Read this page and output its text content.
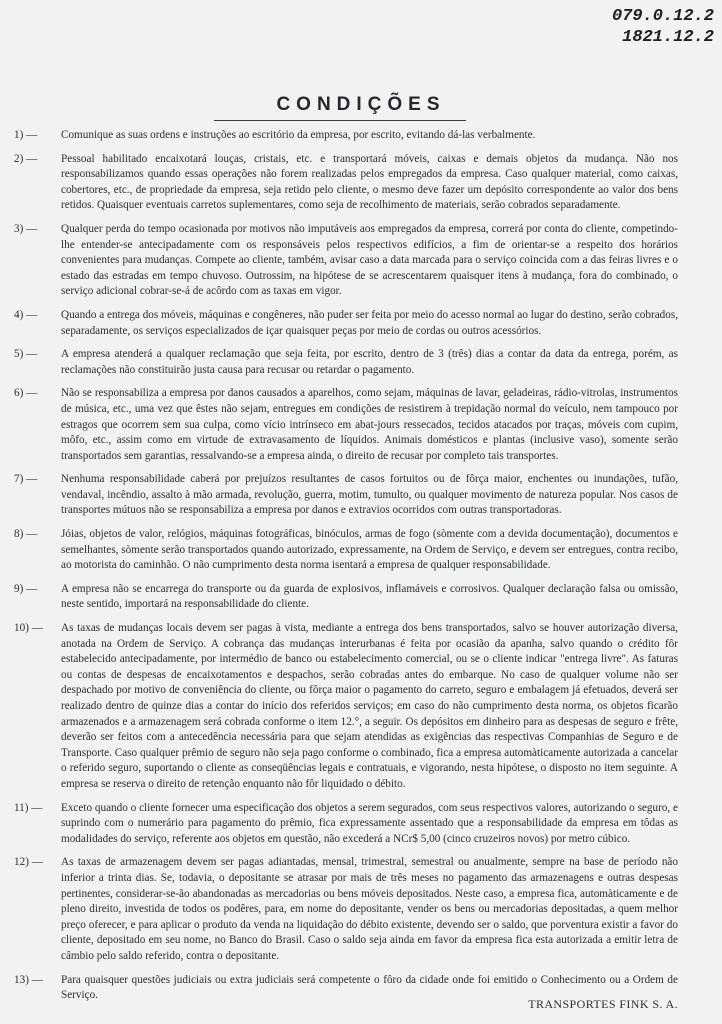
079.0.12.2
1821.12.2
CONDIÇÕES
1) — Comunique as suas ordens e instruções ao escritório da empresa, por escrito, evitando dá-las verbalmente.
2) — Pessoal habilitado encaixotará louças, cristais, etc. e transportará móveis, caixas e demais objetos da mudança. Não nos responsabilizamos quando essas operações não forem realizadas pelos empregados da empresa. Caso qualquer material, como caixas, cobertores, etc., de propriedade da empresa, seja retido pelo cliente, o mesmo deve fazer um depósito correspondente ao valor dos bens retidos. Quaisquer eventuais carretos suplementares, como seja de recolhimento de materiais, serão cobrados separadamente.
3) — Qualquer perda do tempo ocasionada por motivos não imputáveis aos empregados da empresa, correrá por conta do cliente, competindo-lhe entender-se antecipadamente com os responsáveis pelos respectivos edifícios, a fim de orientar-se a respeito dos horários convenientes para mudanças. Compete ao cliente, também, avisar caso a data marcada para o serviço coincida com a das feiras livres e o estado das estradas em tempo chuvoso. Outrossim, na hipótese de se acrescentarem quaisquer itens à mudança, fora do combinado, o serviço adicional cobrar-se-á de acôrdo com as taxas em vigor.
4) — Quando a entrega dos móveis, máquinas e congêneres, não puder ser feita por meio do acesso normal ao lugar do destino, serão cobrados, separadamente, os serviços especializados de içar quaisquer peças por meio de cordas ou outros acessórios.
5) — A empresa atenderá a qualquer reclamação que seja feita, por escrito, dentro de 3 (três) dias a contar da data da entrega, porém, as reclamações não constituirão justa causa para recusar ou retardar o pagamento.
6) — Não se responsabiliza a empresa por danos causados a aparelhos, como sejam, máquinas de lavar, geladeiras, rádio-vitrolas, instrumentos de música, etc., uma vez que êstes não sejam, entregues em condições de resistirem à trepidação normal do veículo, nem tampouco por estragos que ocorrem sem sua culpa, como vício intrínseco em abat-jours ressecados, tecidos atacados por traças, móveis com cupim, môfo, etc., assim como em virtude de extravasamento de líquidos. Animais domésticos e plantas (inclusive vaso), somente serão transportados sem garantias, ressalvando-se a empresa ainda, o direito de recusar por completo tais transportes.
7) — Nenhuma responsabilidade caberá por prejuízos resultantes de casos fortuitos ou de fôrça maior, enchentes ou inundações, tufão, vendaval, incêndio, assalto à mão armada, revolução, guerra, motim, tumulto, ou qualquer movimento de natureza popular. Nos casos de transportes mútuos não se responsabiliza a empresa por danos e extravios ocorridos com outras transportadoras.
8) — Jóias, objetos de valor, relógios, máquinas fotográficas, binóculos, armas de fogo (sòmente com a devida documentação), documentos e semelhantes, sòmente serão transportados quando autorizado, expressamente, na Ordem de Serviço, e devem ser entregues, contra recibo, ao motorista do caminhão. O não cumprimento desta norma isentará a empresa de qualquer responsabilidade.
9) — A empresa não se encarrega do transporte ou da guarda de explosivos, inflamáveis e corrosivos. Qualquer declaração falsa ou omissão, neste sentido, importará na responsabilidade do cliente.
10) — As taxas de mudanças locais devem ser pagas à vista, mediante a entrega dos bens transportados, salvo se houver autorização diversa, anotada na Ordem de Serviço. A cobrança das mudanças interurbanas é feita por ocasião da apanha, salvo quando o crédito fôr estabelecido antecipadamente, por intermédio de banco ou estabelecimento comercial, ou se o cliente indicar "entrega livre". As faturas ou contas de despesas de encaixotamentos e despachos, serão cobradas antes do embarque. No caso de qualquer volume não ser despachado por motivo de conveniência do cliente, ou fôrça maior o pagamento do carreto, seguro e embalagem já efetuados, deverá ser realizado dentro de quinze dias a contar do início dos referidos serviços; em caso do não cumprimento desta norma, os objetos ficarão armazenados e a armazenagem será cobrada conforme o item 12.°, a seguir. Os depósitos em dinheiro para as despesas de seguro e frête, deverão ser feitos com a antecedência necessária para que sejam atendidas as exigências das respectivas Companhias de Seguro e de Transporte. Caso qualquer prêmio de seguro não seja pago conforme o combinado, fica a empresa automàticamente autorizada a cancelar o referido seguro, suportando o cliente as conseqüências legais e contratuais, e vigorando, nesta hipótese, o disposto no item seguinte. A empresa se reserva o direito de retenção enquanto não fôr liquidado o débito.
11) — Exceto quando o cliente fornecer uma especificação dos objetos a serem segurados, com seus respectivos valores, autorizando o seguro, e suprindo com o numerário para pagamento do prêmio, fica expressamente assentado que a responsabilidade da empresa em tôdas as modalidades do serviço, referente aos objetos em questão, não excederá a NCr$ 5,00 (cinco cruzeiros novos) por metro cúbico.
12) — As taxas de armazenagem devem ser pagas adiantadas, mensal, trimestral, semestral ou anualmente, sempre na base de período não inferior a trinta dias. Se, todavia, o depositante se atrasar por mais de três meses no pagamento das armazenagens e outras despesas pertinentes, considerar-se-ão abandonadas as mercadorias ou bens móveis depositados. Neste caso, a empresa fica, automàticamente e de pleno direito, investida de todos os podêres, para, em nome do depositante, vender os bens ou mercadorias depositadas, a quem melhor preço oferecer, e para aplicar o produto da venda na liquidação do débito existente, devendo ser o saldo, que porventura existir a favor do cliente, depositado em seu nome, no Banco do Brasil. Caso o saldo seja ainda em favor da empresa fica esta autorizada a emitir letra de câmbio pelo saldo referido, contra o depositante.
13) — Para quaisquer questões judiciais ou extra judiciais será competente o fôro da cidade onde foi emitido o Conhecimento ou a Ordem de Serviço.
TRANSPORTES FINK S. A.
